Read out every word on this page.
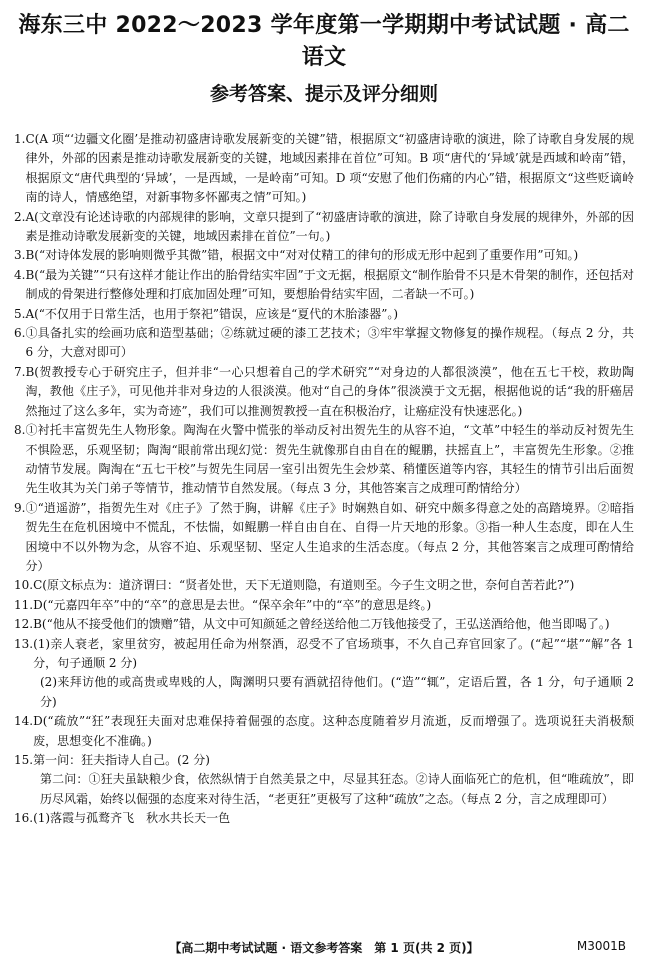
海东三中 2022～2023 学年度第一学期期中考试试题 · 高二语文
参考答案、提示及评分细则
1. C(A 项“‘边疆文化圈’是推动初盛唐诗歌发展新变的关键”错，根据原文“初盛唐诗歌的演进，除了诗歌自身发展的规律外，外部的因素是推动诗歌发展新变的关键，地域因素排在首位”可知。B 项“唐代的‘异域’就是西域和岭南”错，根据原文“唐代典型的‘异域’，一是西域，一是岭南”可知。D 项“安慰了他们伤痛的内心”错，根据原文“这些贬谪岭南的诗人，情感绝望，对新事物多怀鄙夷之情”可知。)
2. A(文章没有论述诗歌的内部规律的影响，文章只提到了“初盛唐诗歌的演进，除了诗歌自身发展的规律外，外部的因素是推动诗歌发展新变的关键，地域因素排在首位”一句。)
3. B(“对诗体发展的影响则微乎其微”错，根据文中“对对仗精工的律句的形成无形中起到了重要作用”可知。)
4. B(“最为关键”“只有这样才能让作出的胎骨结实牢固”于文无据，根据原文“制作胎骨不只是木骨架的制作，还包括对制成的骨架进行整修处理和打底加固处理”可知，要想胎骨结实牢固，二者缺一不可。)
5. A(“不仅用于日常生活，也用于祭祀”错误，应该是“夏代的木胎漆器”。)
6. ①具备扎实的绘画功底和造型基础；②练就过硬的漆工艺技术；③牢牢掌握文物修复的操作规程。（每点 2 分，共 6 分，大意对即可）
7. B(贺教授专心于研究庄子，但并非“一心只想着自己的学术研究”“对身边的人都很淡漠”，他在五七干校，救助陶淘，教他《庄子》，可见他并非对身边的人很淡漠。他对“自己的身体”很淡漠于文无据，根据他说的话“我的肝癌居然拖过了这么多年，实为奇迹”，我们可以推测贺教授一直在积极治疗，让癌症没有快速恶化。)
8. ①衬托丰富贺先生人物形象。陶淘在火警中慌张的举动反衬出贺先生的从容不迫，“文革”中轻生的举动反衬贺先生不惧险恶，乐观坚韧；陶淘“眼前常出现幻觉：贺先生就像那自由自在的鲲鹏，扶摇直上”，丰富贺先生形象。②推动情节发展。陶淘在“五七干校”与贺先生同居一室引出贺先生会炒菜、稍懂医道等内容，其轻生的情节引出后面贺先生收其为关门弟子等情节，推动情节自然发展。（每点 3 分，其他答案言之成理可酌情给分）
9. ①“逍遥游”，指贺先生对《庄子》了然于胸，讲解《庄子》时娴熟自如、研究中颇多得意之处的高踏境界。②暗指贺先生在危机困境中不慌乱，不怯惴，如鲲鹏一样自由自在、自得一片天地的形象。③指一种人生态度，即在人生困境中不以外物为念，从容不迫、乐观坚韧、坚定人生追求的生活态度。（每点 2 分，其他答案言之成理可酌情给分）
10. C(原文标点为：道济谓曰：“贤者处世，天下无道则隐，有道则至。今子生文明之世，奈何自苦若此?”)
11. D(“元嘉四年卒”中的“卒”的意思是去世。“保卒余年”中的“卒”的意思是终。)
12. B(“他从不接受他们的馈赠”错，从文中可知颜延之曾经送给他二万钱他接受了，王弘送酒给他，他当即喝了。)
13. (1)亲人衰老，家里贫穷，被起用任命为州祭酒，忍受不了官场琐事，不久自己弃官回家了。(“起”“堪”“解”各 1 分，句子通顺 2 分)
(2)来拜访他的或高贵或卑贱的人，陶渊明只要有酒就招待他们。(“造”“辄”，定语后置，各 1 分，句子通顺 2 分)
14. D(“疏放”“狂”表现狂夫面对忠难保持着倔强的态度。这种态度随着岁月流逝，反而增强了。选项说狂夫消极颓废，思想变化不准确。)
15. 第一问：狂夫指诗人自己。(2 分)
第二问：①狂夫虽缺粮少食，依然纵情于自然美景之中，尽显其狂态。②诗人面临死亡的危机，但“唯疏放”，即历尽风霜，始终以倔强的态度来对待生活，“老更狂”更极写了这种“疏放”之态。（每点 2 分，言之成理即可）
16. (1)落霞与孤鹜齐飞　秋水共长天一色
【高二期中考试试题 · 语文参考答案　第 1 页(共 2 页)】	M3001B
